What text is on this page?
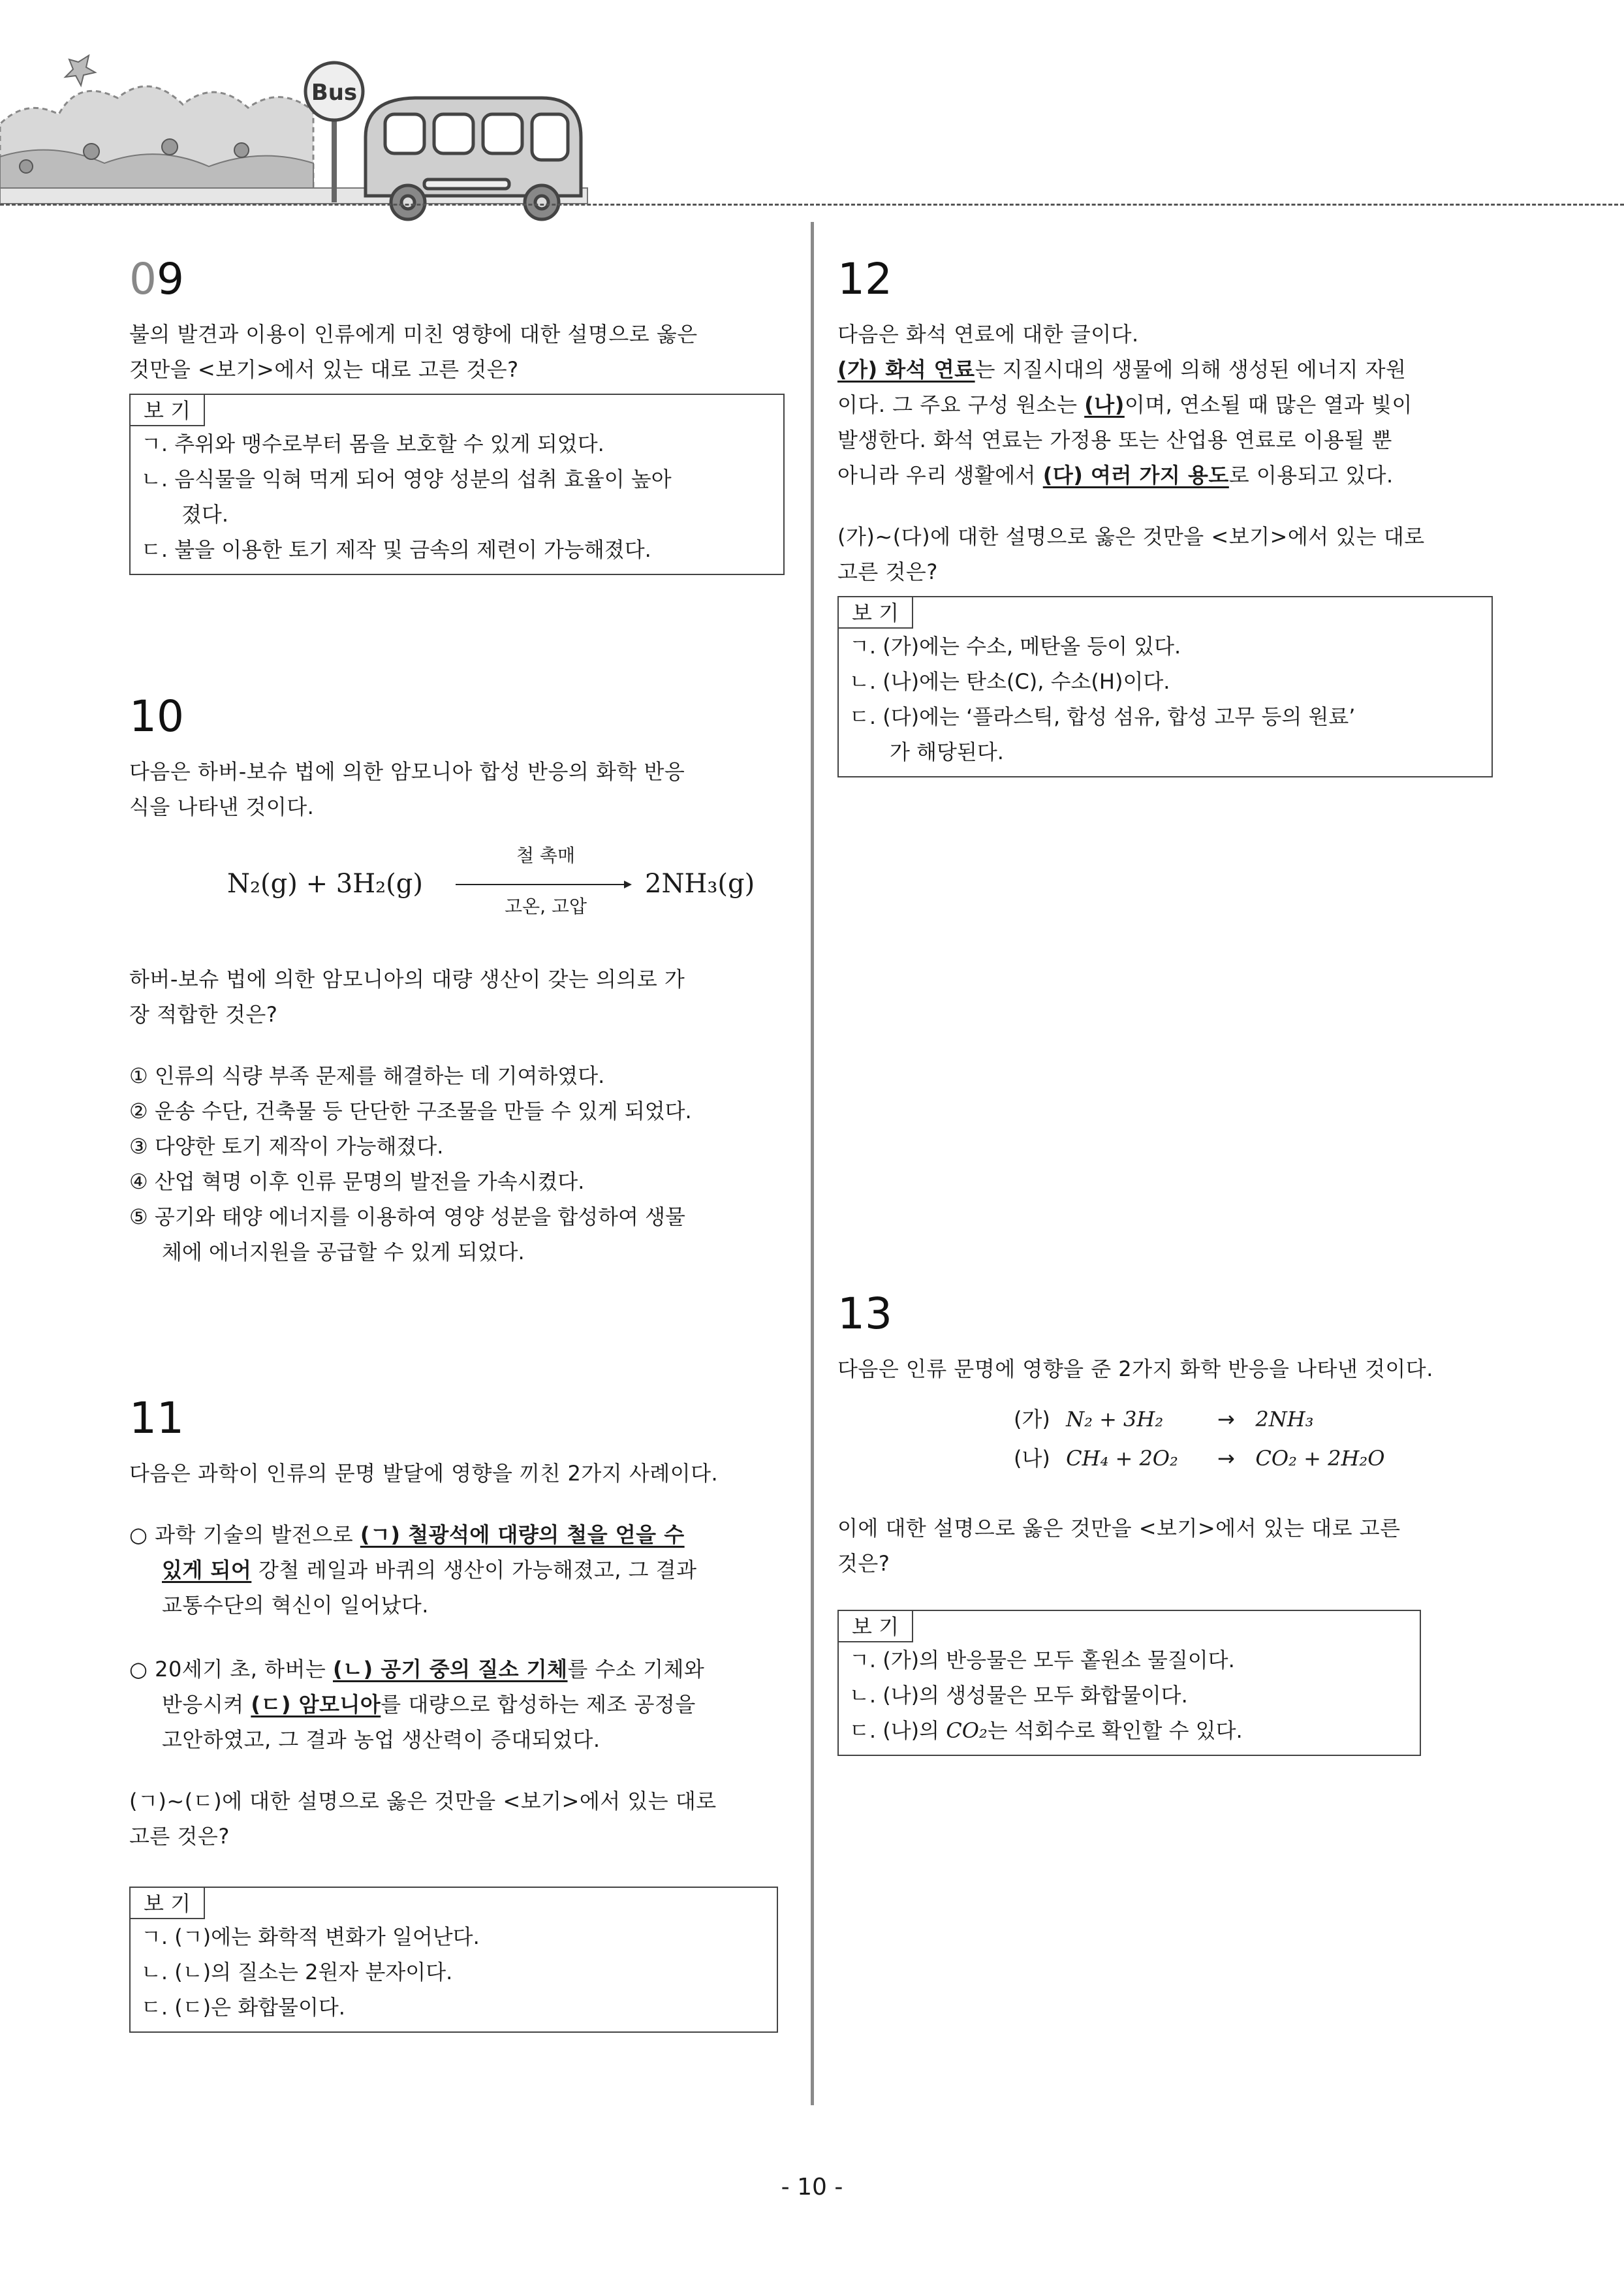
Bus
09

불의 발견과 이용이 인류에게 미친 영향에 대한 설명으로 옳은

것만을 <보기>에서 있는 대로 고른 것은?

보 기

ㄱ. 추위와 맹수로부터 몸을 보호할 수 있게 되었다.

ㄴ. 음식물을 익혀 먹게 되어 영양 성분의 섭취 효율이 높아

졌다.

ㄷ. 불을 이용한 토기 제작 및 금속의 제련이 가능해졌다.

10

다음은 하버-보슈 법에 의한 암모니아 합성 반응의 화학 반응

식을 나타낸 것이다.

N₂(g) + 3H₂(g)
철 촉매
고온, 고압
2NH₃(g)

하버-보슈 법에 의한 암모니아의 대량 생산이 갖는 의의로 가

장 적합한 것은?

① 인류의 식량 부족 문제를 해결하는 데 기여하였다.

② 운송 수단, 건축물 등 단단한 구조물을 만들 수 있게 되었다.

③ 다양한 토기 제작이 가능해졌다.

④ 산업 혁명 이후 인류 문명의 발전을 가속시켰다.

⑤ 공기와 태양 에너지를 이용하여 영양 성분을 합성하여 생물

체에 에너지원을 공급할 수 있게 되었다.

11

다음은 과학이 인류의 문명 발달에 영향을 끼친 2가지 사례이다.

○ 과학 기술의 발전으로 (ㄱ) 철광석에 대량의 철을 얻을 수

있게 되어 강철 레일과 바퀴의 생산이 가능해졌고, 그 결과

교통수단의 혁신이 일어났다.

○ 20세기 초, 하버는 (ㄴ) 공기 중의 질소 기체를 수소 기체와

반응시켜 (ㄷ) 암모니아를 대량으로 합성하는 제조 공정을

고안하였고, 그 결과 농업 생산력이 증대되었다.

(ㄱ)~(ㄷ)에 대한 설명으로 옳은 것만을 <보기>에서 있는 대로

고른 것은?

보 기

ㄱ. (ㄱ)에는 화학적 변화가 일어난다.

ㄴ. (ㄴ)의 질소는 2원자 분자이다.

ㄷ. (ㄷ)은 화합물이다.

12

다음은 화석 연료에 대한 글이다.

(가) 화석 연료는 지질시대의 생물에 의해 생성된 에너지 자원

이다. 그 주요 구성 원소는 (나)이며, 연소될 때 많은 열과 빛이

발생한다. 화석 연료는 가정용 또는 산업용 연료로 이용될 뿐

아니라 우리 생활에서 (다) 여러 가지 용도로 이용되고 있다.

(가)~(다)에 대한 설명으로 옳은 것만을 <보기>에서 있는 대로

고른 것은?

보 기

ㄱ. (가)에는 수소, 메탄올 등이 있다.

ㄴ. (나)에는 탄소(C), 수소(H)이다.

ㄷ. (다)에는 ‘플라스틱, 합성 섬유, 합성 고무 등의 원료’

가 해당된다.

13

다음은 인류 문명에 영향을 준 2가지 화학 반응을 나타낸 것이다.

(가) N₂ + 3H₂	→ 2NH₃
(나) CH₄ + 2O₂ → CO₂ + 2H₂O

이에 대한 설명으로 옳은 것만을 <보기>에서 있는 대로 고른

것은?

보 기

ㄱ. (가)의 반응물은 모두 홑원소 물질이다.

ㄴ. (나)의 생성물은 모두 화합물이다.

ㄷ. (나)의 CO₂는 석회수로 확인할 수 있다.

- 10 -
